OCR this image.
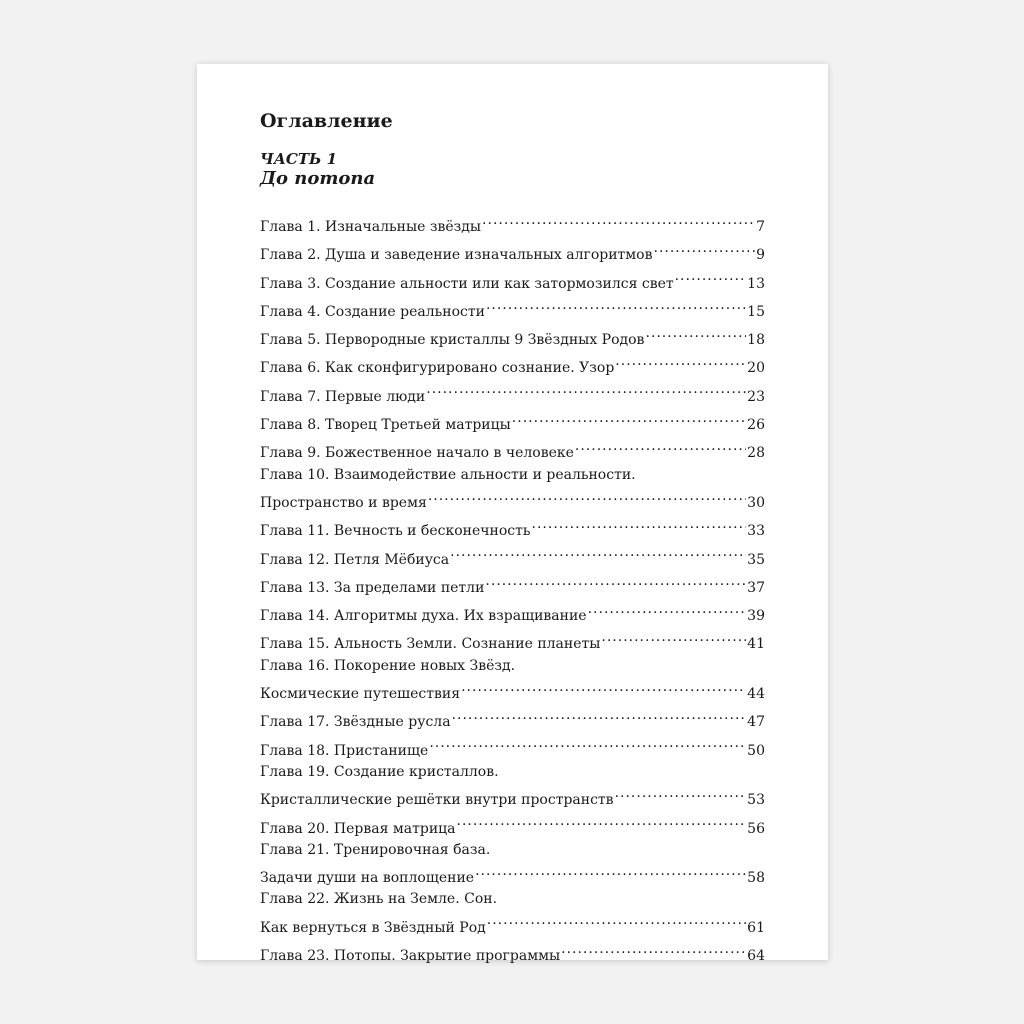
Оглавление
ЧАСТЬ 1
До потопа
Глава 1. Изначальные звёзды .....	7
Глава 2. Душа и заведение изначальных алгоритмов .....	9
Глава 3. Создание альности или как затормозился свет .....	13
Глава 4. Создание реальности .....	15
Глава 5. Первородные кристаллы 9 Звёздных Родов .....	18
Глава 6. Как сконфигурировано сознание. Узор .....	20
Глава 7. Первые люди .....	23
Глава 8. Творец Третьей матрицы .....	26
Глава 9. Божественное начало в человеке .....	28
Глава 10. Взаимодействие альности и реальности.
Пространство и время .....	30
Глава 11. Вечность и бесконечность .....	33
Глава 12. Петля Мёбиуса .....	35
Глава 13. За пределами петли .....	37
Глава 14. Алгоритмы духа. Их взращивание .....	39
Глава 15. Альность Земли. Сознание планеты .....	41
Глава 16. Покорение новых Звёзд.
Космические путешествия .....	44
Глава 17. Звёздные русла .....	47
Глава 18. Пристанище .....	50
Глава 19. Создание кристаллов.
Кристаллические решётки внутри пространств .....	53
Глава 20. Первая матрица .....	56
Глава 21. Тренировочная база.
Задачи души на воплощение .....	58
Глава 22. Жизнь на Земле. Сон.
Как вернуться в Звёздный Род .....	61
Глава 23. Потопы. Закрытие программы .....	64
